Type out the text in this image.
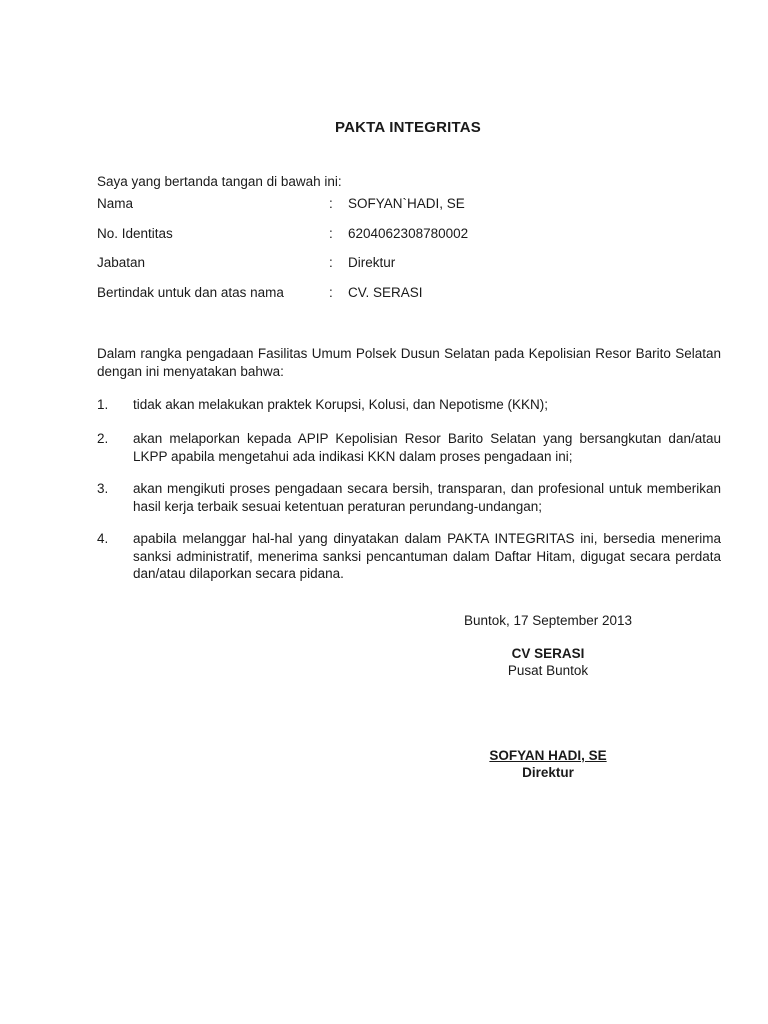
PAKTA INTEGRITAS
Saya yang bertanda tangan di bawah ini:
Nama	: SOFYAN`HADI, SE
No. Identitas	: 6204062308780002
Jabatan	: Direktur
Bertindak untuk dan atas nama	: CV. SERASI
Dalam rangka pengadaan Fasilitas Umum Polsek Dusun Selatan pada Kepolisian Resor Barito Selatan dengan ini menyatakan bahwa:
1. tidak akan melakukan praktek Korupsi, Kolusi, dan Nepotisme (KKN);
2. akan melaporkan kepada APIP Kepolisian Resor Barito Selatan yang bersangkutan dan/atau LKPP apabila mengetahui ada indikasi KKN dalam proses pengadaan ini;
3. akan mengikuti proses pengadaan secara bersih, transparan, dan profesional untuk memberikan hasil kerja terbaik sesuai ketentuan peraturan perundang-undangan;
4. apabila melanggar hal-hal yang dinyatakan dalam PAKTA INTEGRITAS ini, bersedia menerima sanksi administratif, menerima sanksi pencantuman dalam Daftar Hitam, digugat secara perdata dan/atau dilaporkan secara pidana.
Buntok, 17 September 2013
CV SERASI
Pusat Buntok
SOFYAN HADI, SE
Direktur
